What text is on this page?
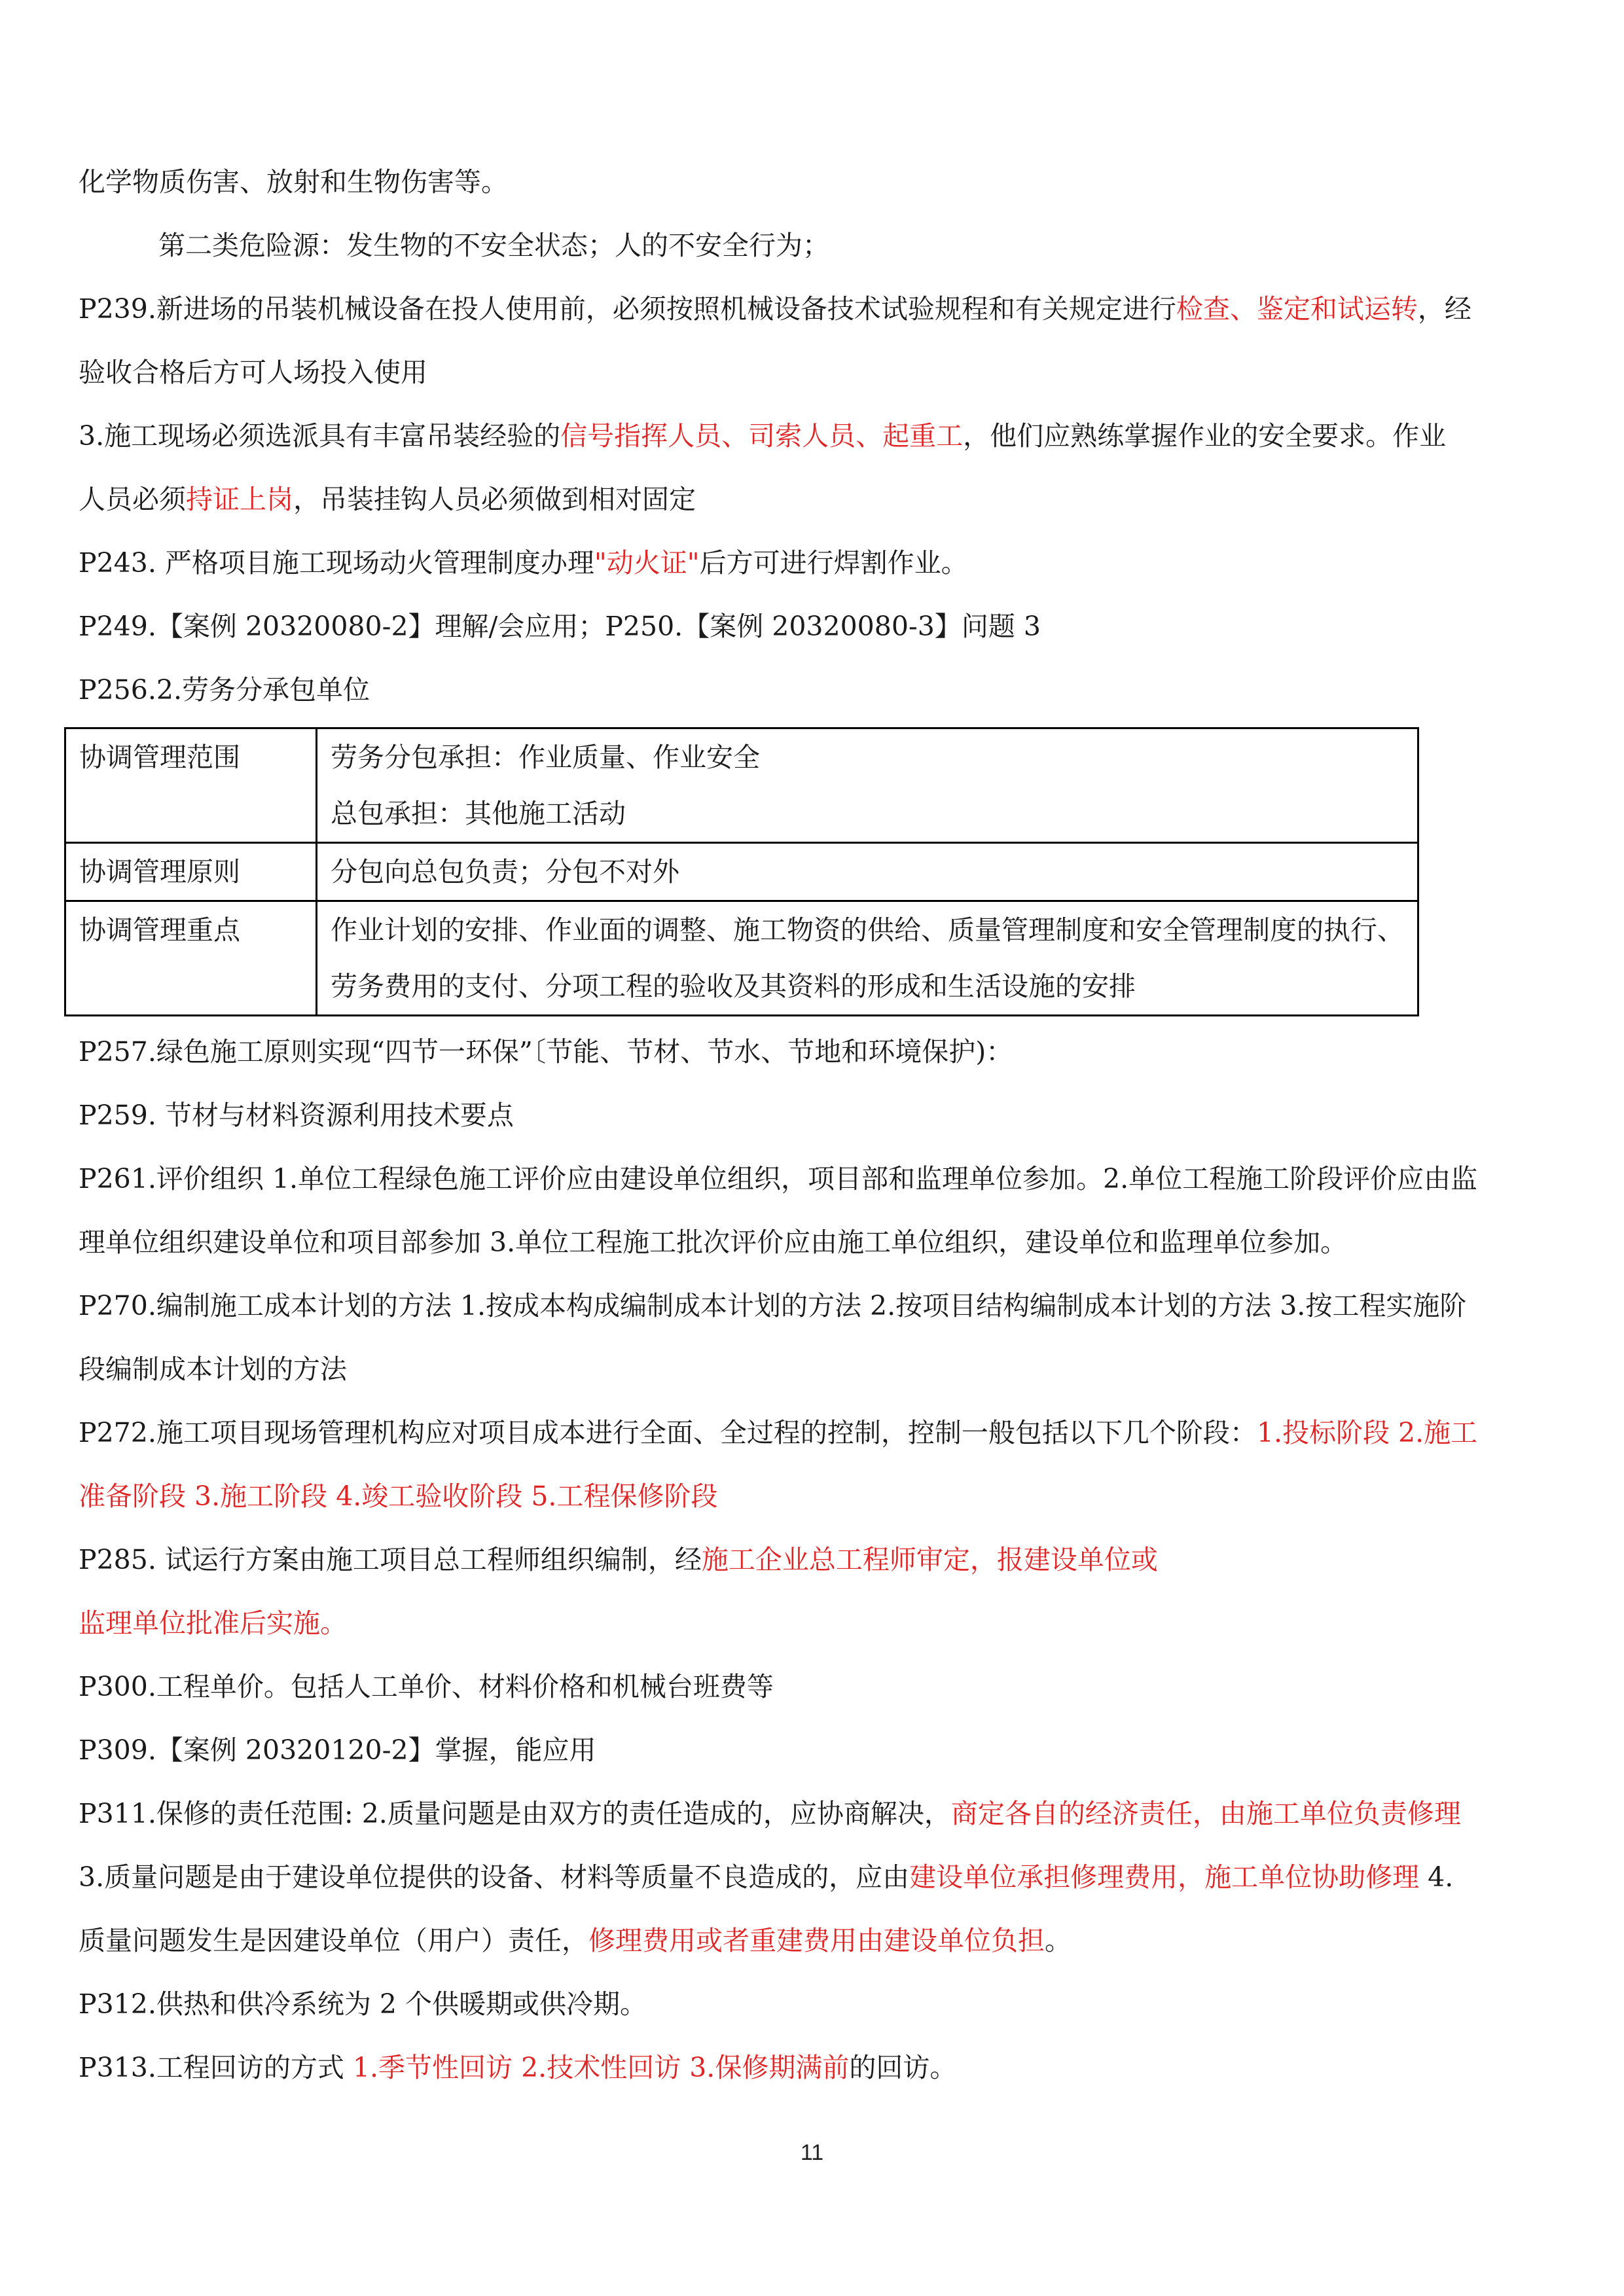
化学物质伤害、放射和生物伤害等。

第二类危险源：发生物的不安全状态；人的不安全行为；

P239.新进场的吊装机械设备在投人使用前，必须按照机械设备技术试验规程和有关规定进行检查、鉴定和试运转，经

验收合格后方可人场投入使用

3.施工现场必须选派具有丰富吊装经验的信号指挥人员、司索人员、起重工，他们应熟练掌握作业的安全要求。作业

人员必须持证上岗，吊装挂钩人员必须做到相对固定

P243. 严格项目施工现场动火管理制度办理"动火证"后方可进行焊割作业。

P249.【案例 20320080-2】理解/会应用；P250.【案例 20320080-3】问题 3

P256.2.劳务分承包单位

协调管理范围	劳务分包承担：作业质量、作业安全

总包承担：其他施工活动

协调管理原则	分包向总包负责；分包不对外

协调管理重点	作业计划的安排、作业面的调整、施工物资的供给、质量管理制度和安全管理制度的执行、

劳务费用的支付、分项工程的验收及其资料的形成和生活设施的安排

P257.绿色施工原则实现“四节一环保”〔节能、节材、节水、节地和环境保护)：

P259. 节材与材料资源利用技术要点

P261.评价组织 1.单位工程绿色施工评价应由建设单位组织，项目部和监理单位参加。2.单位工程施工阶段评价应由监

理单位组织建设单位和项目部参加 3.单位工程施工批次评价应由施工单位组织，建设单位和监理单位参加。

P270.编制施工成本计划的方法 1.按成本构成编制成本计划的方法 2.按项目结构编制成本计划的方法 3.按工程实施阶

段编制成本计划的方法

P272.施工项目现场管理机构应对项目成本进行全面、全过程的控制，控制一般包括以下几个阶段：1.投标阶段 2.施工

准备阶段 3.施工阶段 4.竣工验收阶段 5.工程保修阶段

P285. 试运行方案由施工项目总工程师组织编制，经施工企业总工程师审定，报建设单位或

监理单位批准后实施。

P300.工程单价。包括人工单价、材料价格和机械台班费等

P309.【案例 20320120-2】掌握，能应用

P311.保修的责任范围: 2.质量问题是由双方的责任造成的，应协商解决，商定各自的经济责任，由施工单位负责修理

3.质量问题是由于建设单位提供的设备、材料等质量不良造成的，应由建设单位承担修理费用，施工单位协助修理 4.

质量问题发生是因建设单位（用户）责任，修理费用或者重建费用由建设单位负担。

P312.供热和供冷系统为 2 个供暖期或供冷期。

P313.工程回访的方式 1.季节性回访 2.技术性回访 3.保修期满前的回访。

11
